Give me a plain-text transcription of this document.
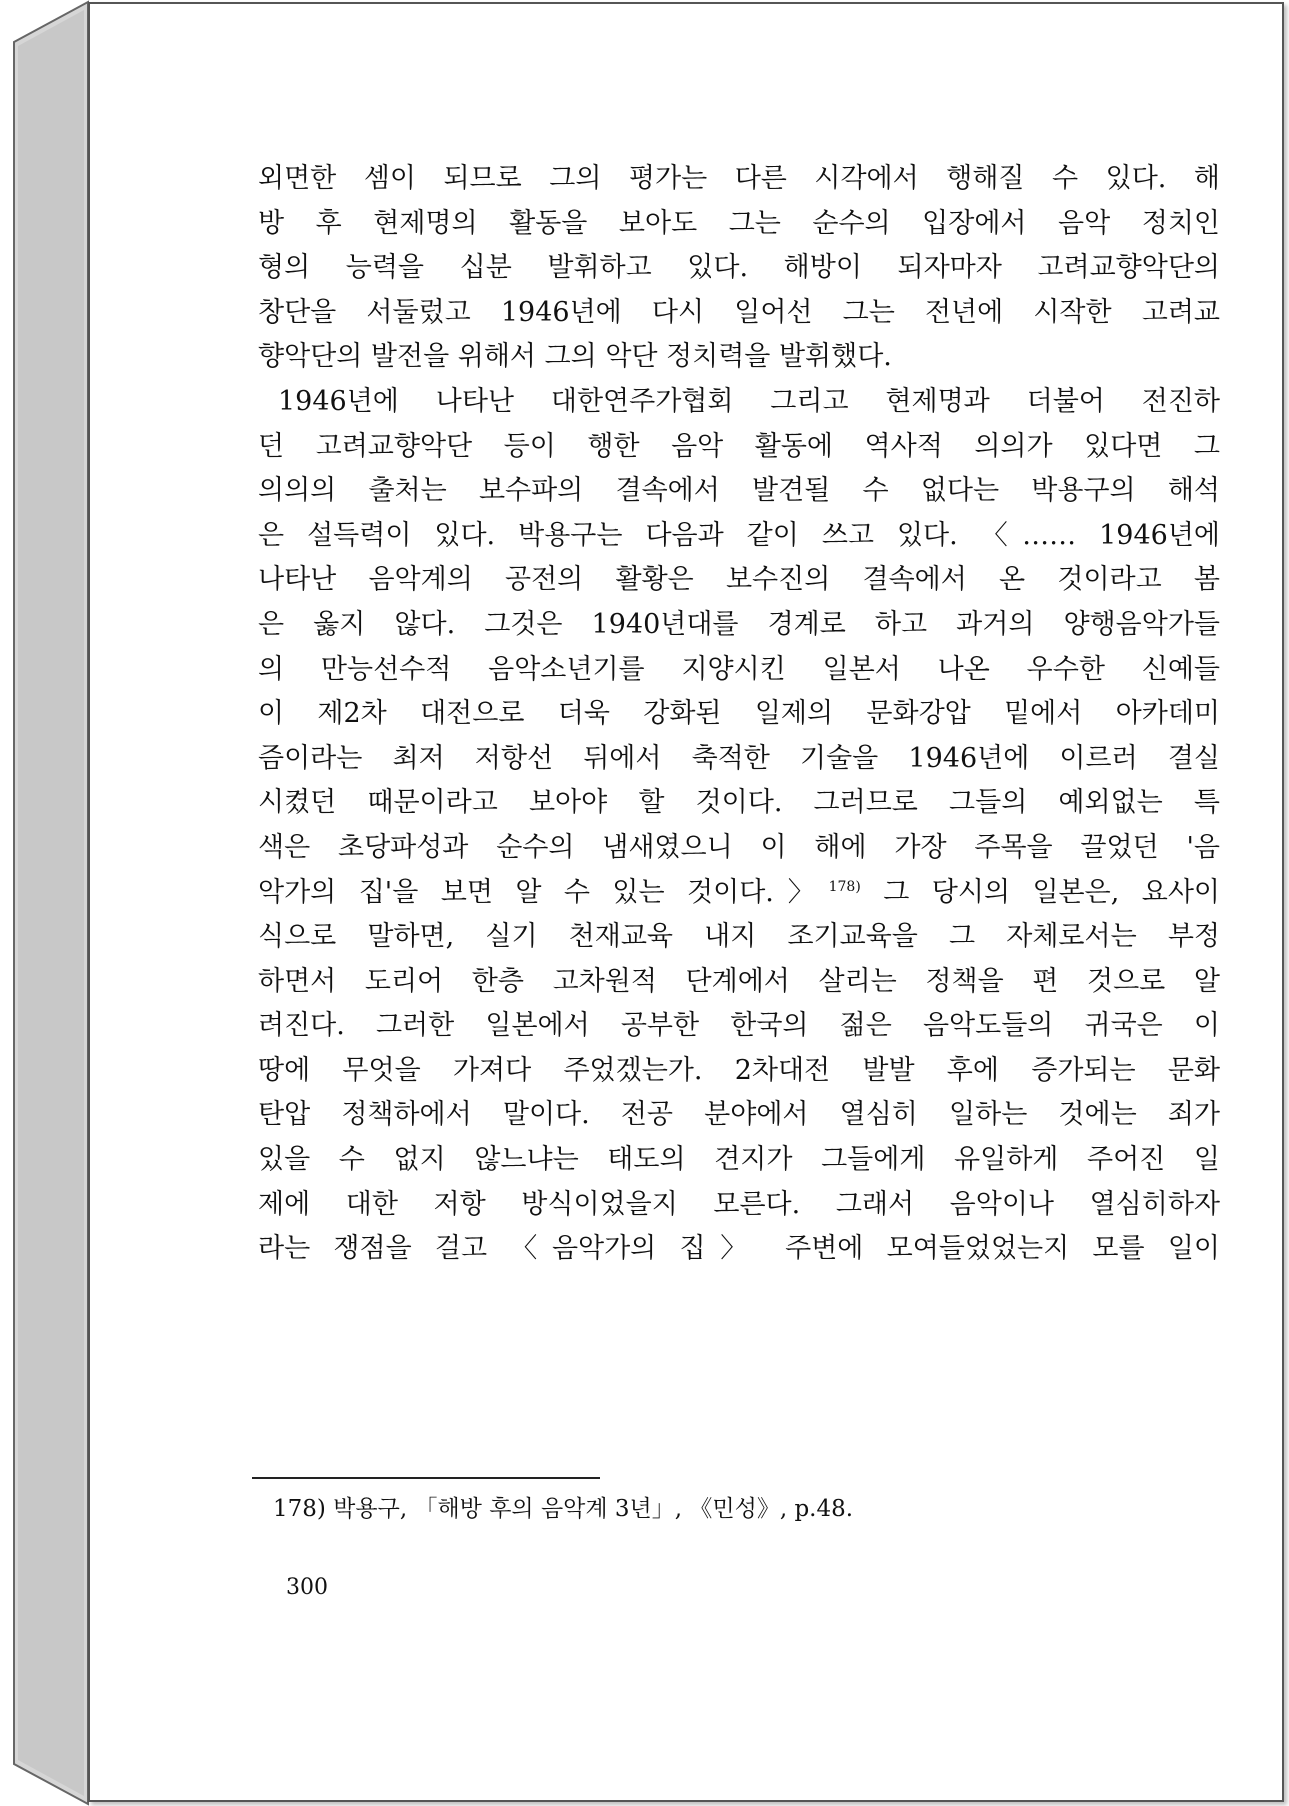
외면한 셈이 되므로 그의 평가는 다른 시각에서 행해질 수 있다. 해
방 후 현제명의 활동을 보아도 그는 순수의 입장에서 음악 정치인
형의 능력을 십분 발휘하고 있다. 해방이 되자마자 고려교향악단의
창단을 서둘렀고 1946년에 다시 일어선 그는 전년에 시작한 고려교
향악단의 발전을 위해서 그의 악단 정치력을 발휘했다.
1946년에 나타난 대한연주가협회 그리고 현제명과 더불어 전진하
던 고려교향악단 등이 행한 음악 활동에 역사적 의의가 있다면 그
의의의 출처는 보수파의 결속에서 발견될 수 없다는 박용구의 해석
은 설득력이 있다. 박용구는 다음과 같이 쓰고 있다. 〈…… 1946년에
나타난 음악계의 공전의 활황은 보수진의 결속에서 온 것이라고 봄
은 옳지 않다. 그것은 1940년대를 경계로 하고 과거의 양행음악가들
의 만능선수적 음악소년기를 지양시킨 일본서 나온 우수한 신예들
이 제2차 대전으로 더욱 강화된 일제의 문화강압 밑에서 아카데미
즘이라는 최저 저항선 뒤에서 축적한 기술을 1946년에 이르러 결실
시켰던 때문이라고 보아야 할 것이다. 그러므로 그들의 예외없는 특
색은 초당파성과 순수의 냄새였으니 이 해에 가장 주목을 끌었던 '음
악가의 집'을 보면 알 수 있는 것이다.〉$^{178)}$ 그 당시의 일본은, 요사이
식으로 말하면, 실기 천재교육 내지 조기교육을 그 자체로서는 부정
하면서 도리어 한층 고차원적 단계에서 살리는 정책을 편 것으로 알
려진다. 그러한 일본에서 공부한 한국의 젊은 음악도들의 귀국은 이
땅에 무엇을 가져다 주었겠는가. 2차대전 발발 후에 증가되는 문화
탄압 정책하에서 말이다. 전공 분야에서 열심히 일하는 것에는 죄가
있을 수 없지 않느냐는 태도의 견지가 그들에게 유일하게 주어진 일
제에 대한 저항 방식이었을지 모른다. 그래서 음악이나 열심히하자
라는 쟁점을 걸고 〈음악가의 집〉 주변에 모여들었었는지 모를 일이
178) 박용구, 「해방 후의 음악계 3년」, 《민성》, p.48.
300
